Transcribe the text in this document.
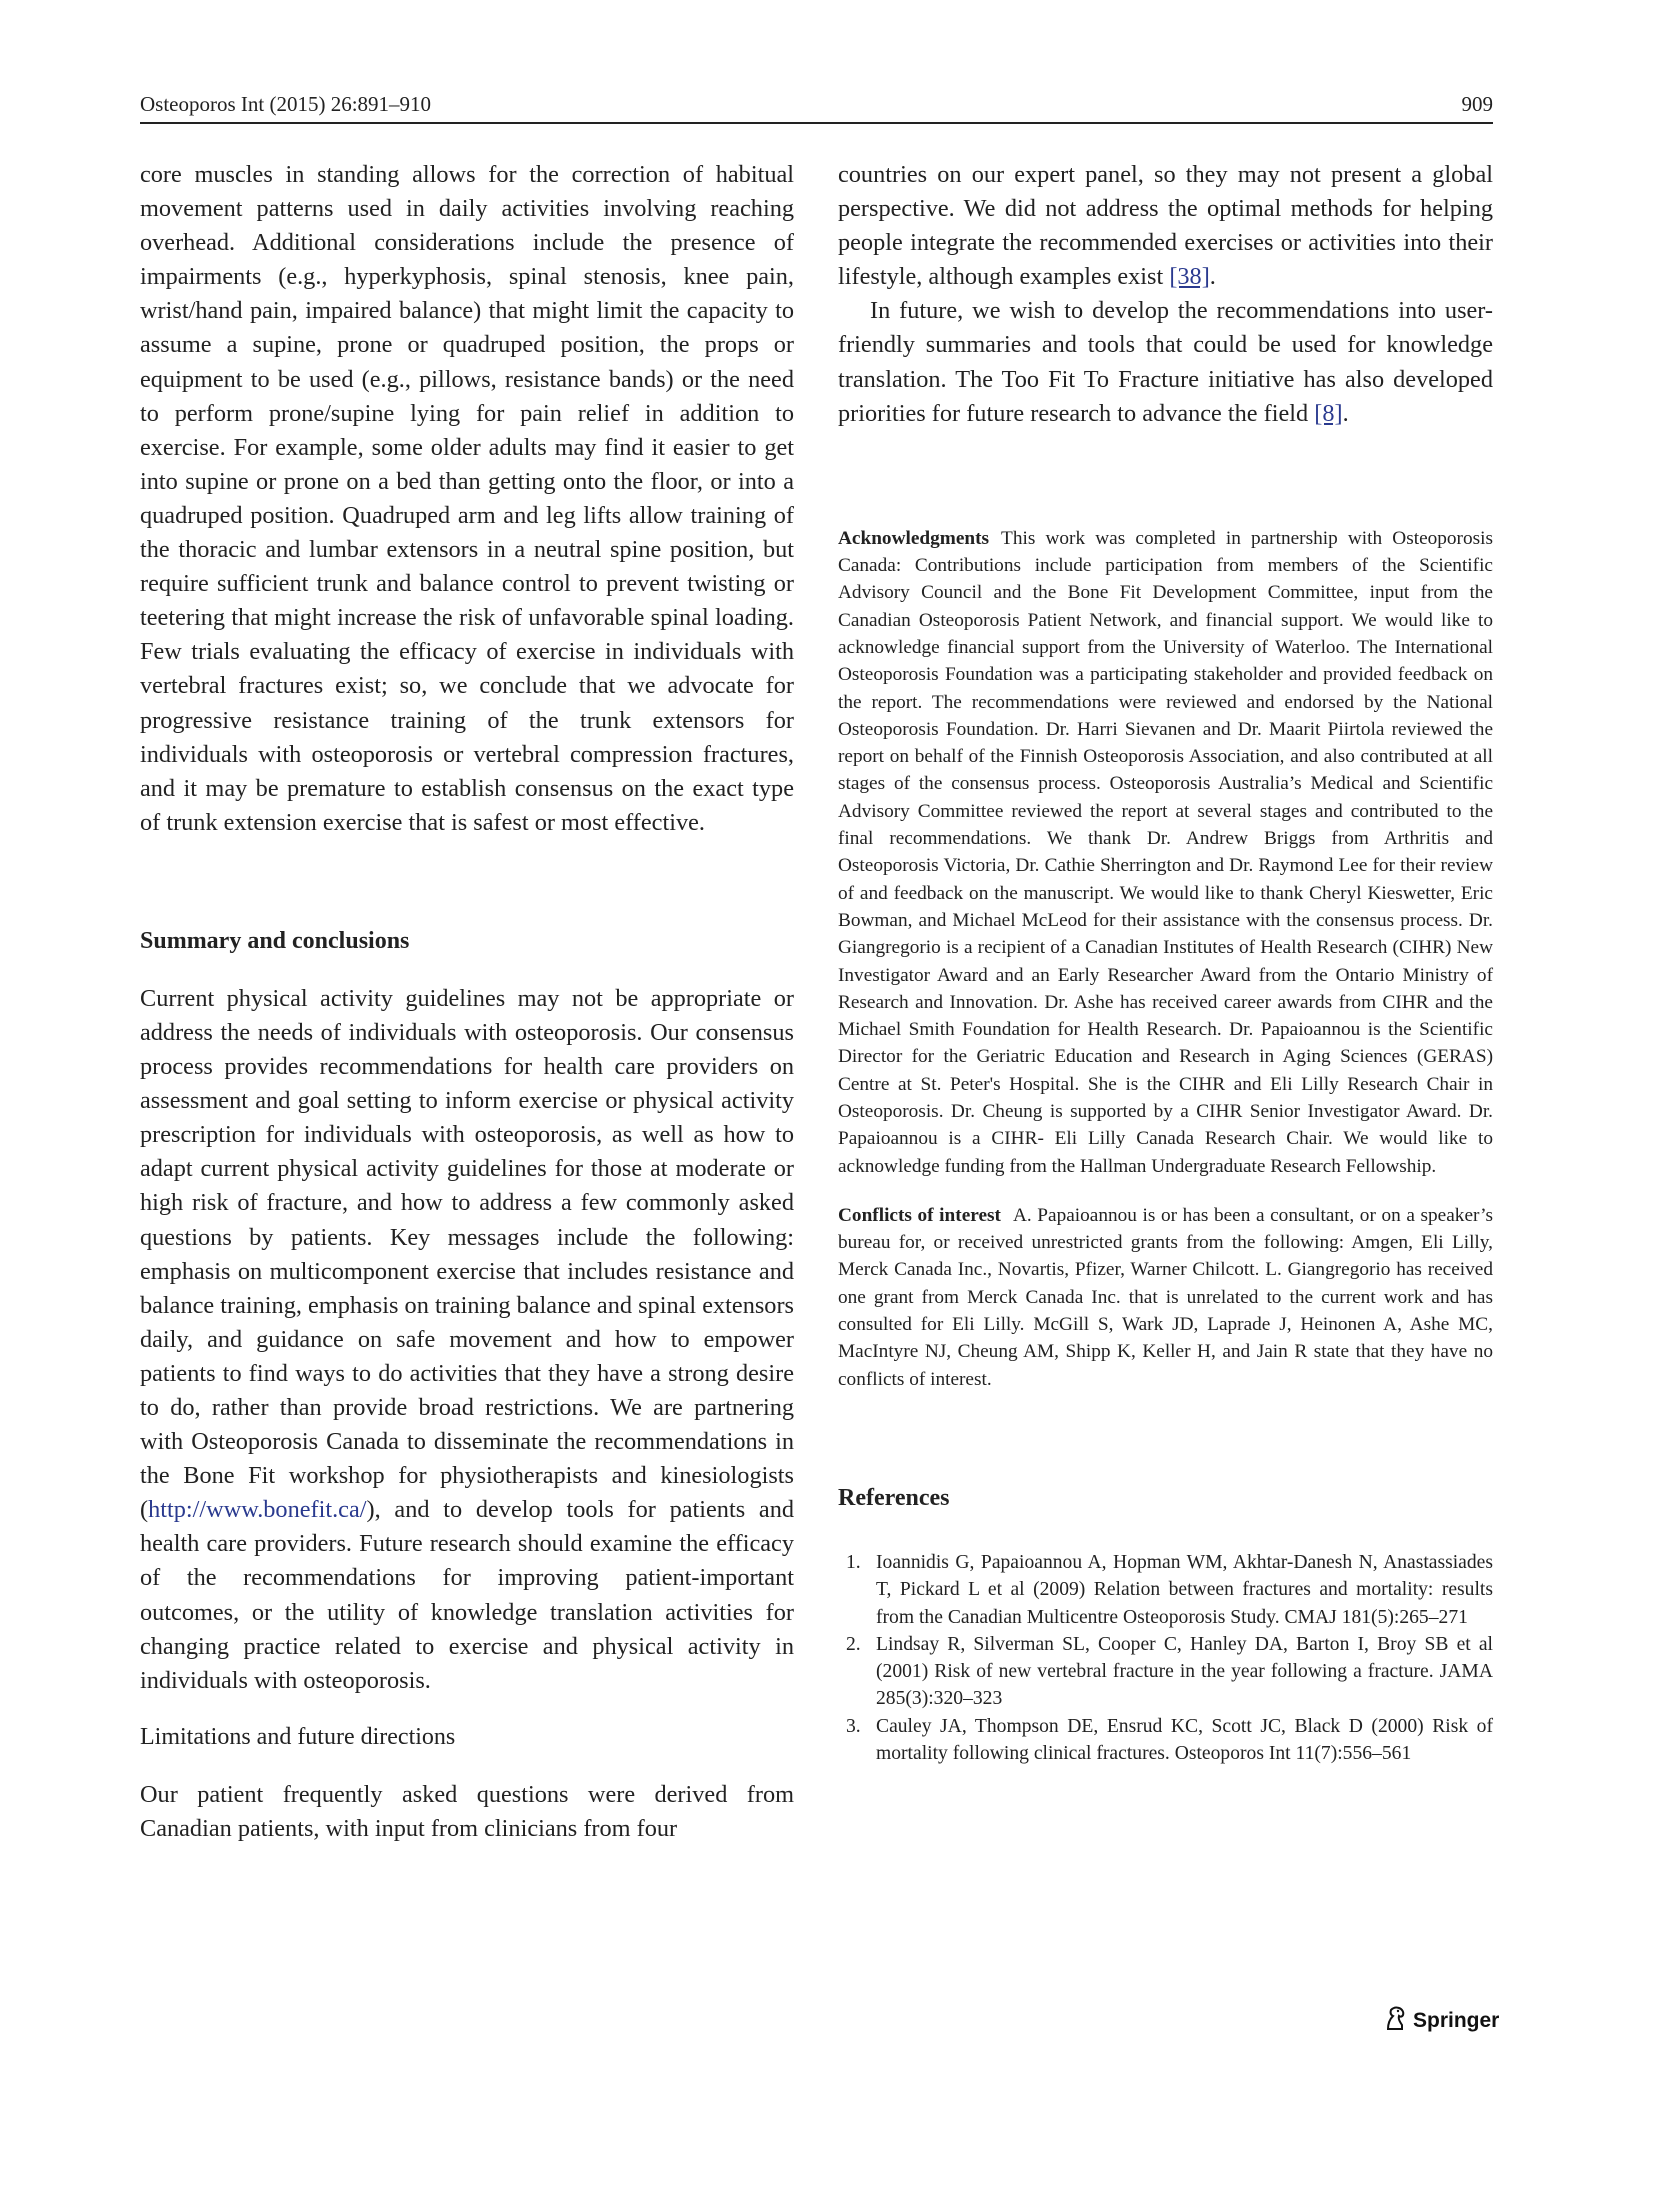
Osteoporos Int (2015) 26:891–910	909

core muscles in standing allows for the correction of habitual movement patterns used in daily activities involving reaching overhead. Additional considerations include the presence of impairments (e.g., hyperkyphosis, spinal stenosis, knee pain, wrist/hand pain, impaired balance) that might limit the capacity to assume a supine, prone or quadruped position, the props or equipment to be used (e.g., pillows, resistance bands) or the need to perform prone/supine lying for pain relief in addition to exercise. For example, some older adults may find it easier to get into supine or prone on a bed than getting onto the floor, or into a quadruped position. Quadruped arm and leg lifts allow training of the thoracic and lumbar extensors in a neutral spine position, but require sufficient trunk and balance control to prevent twisting or teetering that might increase the risk of unfavorable spinal loading. Few trials evaluating the efficacy of exercise in individuals with vertebral fractures exist; so, we conclude that we advocate for progressive resistance training of the trunk extensors for individuals with osteoporosis or vertebral compression fractures, and it may be premature to establish consensus on the exact type of trunk extension exercise that is safest or most effective.

Summary and conclusions

Current physical activity guidelines may not be appropriate or address the needs of individuals with osteoporosis. Our consensus process provides recommendations for health care providers on assessment and goal setting to inform exercise or physical activity prescription for individuals with osteoporosis, as well as how to adapt current physical activity guidelines for those at moderate or high risk of fracture, and how to address a few commonly asked questions by patients. Key messages include the following: emphasis on multicomponent exercise that includes resistance and balance training, emphasis on training balance and spinal extensors daily, and guidance on safe movement and how to empower patients to find ways to do activities that they have a strong desire to do, rather than provide broad restrictions. We are partnering with Osteoporosis Canada to disseminate the recommendations in the Bone Fit workshop for physiotherapists and kinesiologists (http://www.bonefit.ca/), and to develop tools for patients and health care providers. Future research should examine the efficacy of the recommendations for improving patient-important outcomes, or the utility of knowledge translation activities for changing practice related to exercise and physical activity in individuals with osteoporosis.

Limitations and future directions

Our patient frequently asked questions were derived from Canadian patients, with input from clinicians from four

countries on our expert panel, so they may not present a global perspective. We did not address the optimal methods for helping people integrate the recommended exercises or activities into their lifestyle, although examples exist [38].

In future, we wish to develop the recommendations into user-friendly summaries and tools that could be used for knowledge translation. The Too Fit To Fracture initiative has also developed priorities for future research to advance the field [8].

Acknowledgments This work was completed in partnership with Osteoporosis Canada: Contributions include participation from members of the Scientific Advisory Council and the Bone Fit Development Committee, input from the Canadian Osteoporosis Patient Network, and financial support. We would like to acknowledge financial support from the University of Waterloo. The International Osteoporosis Foundation was a participating stakeholder and provided feedback on the report. The recommendations were reviewed and endorsed by the National Osteoporosis Foundation. Dr. Harri Sievanen and Dr. Maarit Piirtola reviewed the report on behalf of the Finnish Osteoporosis Association, and also contributed at all stages of the consensus process. Osteoporosis Australia’s Medical and Scientific Advisory Committee reviewed the report at several stages and contributed to the final recommendations. We thank Dr. Andrew Briggs from Arthritis and Osteoporosis Victoria, Dr. Cathie Sherrington and Dr. Raymond Lee for their review of and feedback on the manuscript. We would like to thank Cheryl Kieswetter, Eric Bowman, and Michael McLeod for their assistance with the consensus process. Dr. Giangregorio is a recipient of a Canadian Institutes of Health Research (CIHR) New Investigator Award and an Early Researcher Award from the Ontario Ministry of Research and Innovation. Dr. Ashe has received career awards from CIHR and the Michael Smith Foundation for Health Research. Dr. Papaioannou is the Scientific Director for the Geriatric Education and Research in Aging Sciences (GERAS) Centre at St. Peter's Hospital. She is the CIHR and Eli Lilly Research Chair in Osteoporosis. Dr. Cheung is supported by a CIHR Senior Investigator Award. Dr. Papaioannou is a CIHR- Eli Lilly Canada Research Chair. We would like to acknowledge funding from the Hallman Undergraduate Research Fellowship.

Conflicts of interest A. Papaioannou is or has been a consultant, or on a speaker’s bureau for, or received unrestricted grants from the following: Amgen, Eli Lilly, Merck Canada Inc., Novartis, Pfizer, Warner Chilcott. L. Giangregorio has received one grant from Merck Canada Inc. that is unrelated to the current work and has consulted for Eli Lilly. McGill S, Wark JD, Laprade J, Heinonen A, Ashe MC, MacIntyre NJ, Cheung AM, Shipp K, Keller H, and Jain R state that they have no conflicts of interest.

References
1. Ioannidis G, Papaioannou A, Hopman WM, Akhtar-Danesh N, Anastassiades T, Pickard L et al (2009) Relation between fractures and mortality: results from the Canadian Multicentre Osteoporosis Study. CMAJ 181(5):265–271
2. Lindsay R, Silverman SL, Cooper C, Hanley DA, Barton I, Broy SB et al (2001) Risk of new vertebral fracture in the year following a fracture. JAMA 285(3):320–323
3. Cauley JA, Thompson DE, Ensrud KC, Scott JC, Black D (2000) Risk of mortality following clinical fractures. Osteoporos Int 11(7):556–561
Springer
